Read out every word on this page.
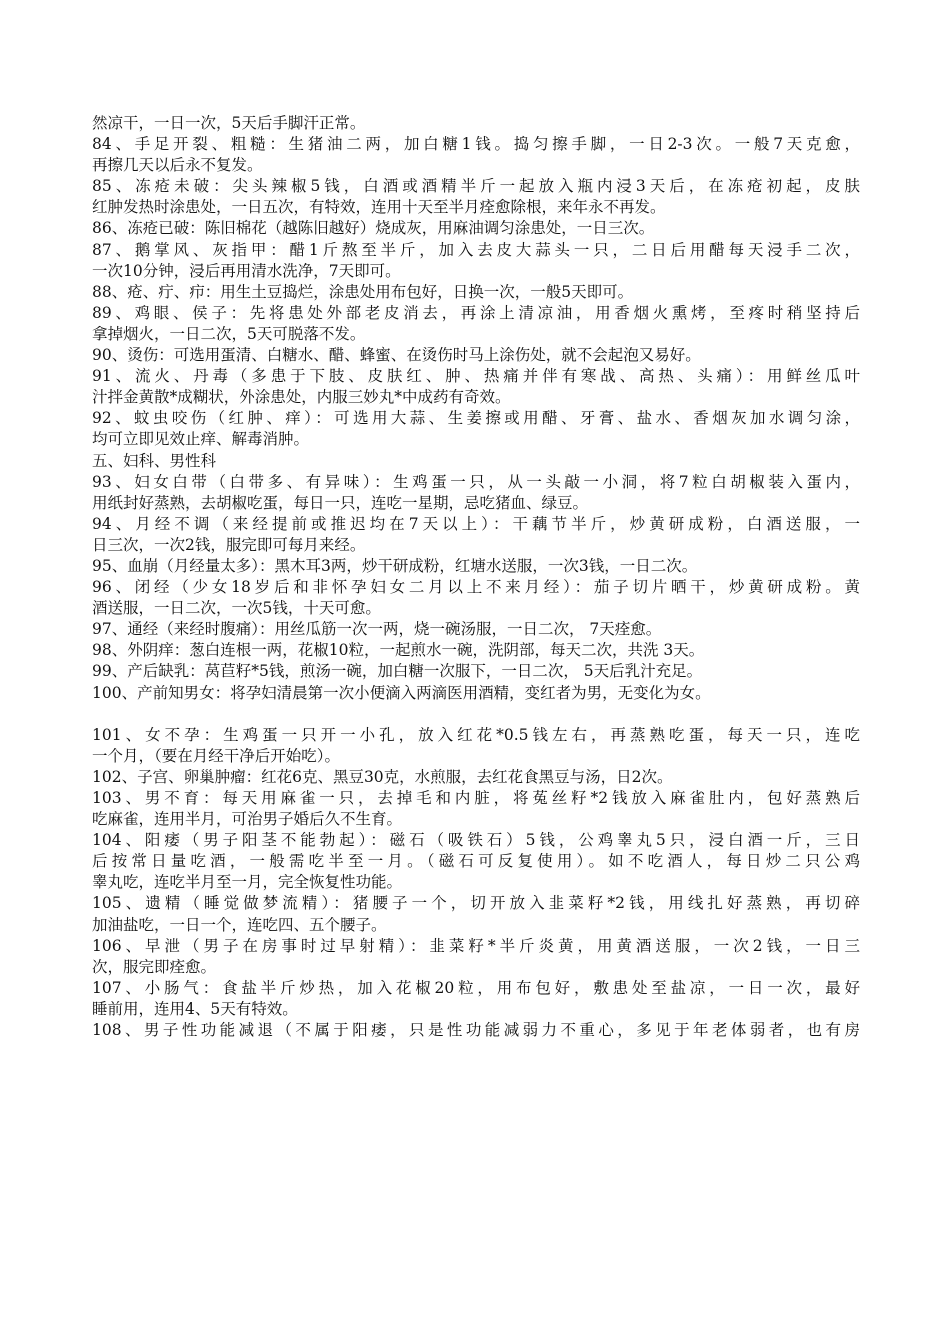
然凉干，一日一次，5天后手脚汗正常。
84、手足开裂、粗糙：生猪油二两，加白糖1钱。捣匀擦手脚，一日2-3次。一般7天克愈，
再擦几天以后永不复发。
85、冻疮未破：尖头辣椒5钱，白酒或酒精半斤一起放入瓶内浸3天后，在冻疮初起，皮肤
红肿发热时涂患处，一日五次，有特效，连用十天至半月痊愈除根，来年永不再发。
86、冻疮已破：陈旧棉花（越陈旧越好）烧成灰，用麻油调匀涂患处，一日三次。
87、鹅掌风、灰指甲：醋1斤熬至半斤，加入去皮大蒜头一只，二日后用醋每天浸手二次，
一次10分钟，浸后再用清水洗净，7天即可。
88、疮、疔、疖：用生土豆捣烂，涂患处用布包好，日换一次，一般5天即可。
89、鸡眼、侯子：先将患处外部老皮消去，再涂上清凉油，用香烟火熏烤，至疼时稍坚持后
拿掉烟火，一日二次，5天可脱落不发。
90、烫伤：可选用蛋清、白糖水、醋、蜂蜜、在烫伤时马上涂伤处，就不会起泡又易好。
91、流火、丹毒（多患于下肢、皮肤红、肿、热痛并伴有寒战、高热、头痛）：用鲜丝瓜叶
汁拌金黄散*成糊状，外涂患处，内服三妙丸*中成药有奇效。
92、蚊虫咬伤（红肿、痒）：可选用大蒜、生姜擦或用醋、牙膏、盐水、香烟灰加水调匀涂，
均可立即见效止痒、解毒消肿。
五、妇科、男性科
93、妇女白带（白带多、有异味）：生鸡蛋一只，从一头敲一小洞，将7粒白胡椒装入蛋内，
用纸封好蒸熟，去胡椒吃蛋，每日一只，连吃一星期，忌吃猪血、绿豆。
94、月经不调（来经提前或推迟均在7天以上）：干藕节半斤，炒黄研成粉，白酒送服，一
日三次，一次2钱，服完即可每月来经。
95、血崩（月经量太多）：黑木耳3两，炒干研成粉，红塘水送服，一次3钱，一日二次。
96、闭经（少女18岁后和非怀孕妇女二月以上不来月经）：茄子切片晒干，炒黄研成粉。黄
酒送服，一日二次，一次5钱，十天可愈。
97、通经（来经时腹痛）：用丝瓜筋一次一两，烧一碗汤服，一日二次， 7天痊愈。
98、外阴痒：葱白连根一两，花椒10粒，一起煎水一碗，洗阴部，每天二次，共洗 3天。
99、产后缺乳：莴苣籽*5钱，煎汤一碗，加白糖一次服下，一日二次， 5天后乳汁充足。
100、产前知男女：将孕妇清晨第一次小便滴入两滴医用酒精，变红者为男，无变化为女。
101、女不孕：生鸡蛋一只开一小孔，放入红花*0.5钱左右，再蒸熟吃蛋，每天一只，连吃
一个月，（要在月经干净后开始吃）。
102、子宫、卵巢肿瘤：红花6克、黑豆30克，水煎服，去红花食黑豆与汤，日2次。
103、男不育：每天用麻雀一只，去掉毛和内脏，将菟丝籽*2钱放入麻雀肚内，包好蒸熟后
吃麻雀，连用半月，可治男子婚后久不生育。
104、阳痿（男子阳茎不能勃起）：磁石（吸铁石）5钱，公鸡睾丸5只，浸白酒一斤，三日
后按常日量吃酒，一般需吃半至一月。（磁石可反复使用）。如不吃酒人，每日炒二只公鸡
睾丸吃，连吃半月至一月，完全恢复性功能。
105、遗精（睡觉做梦流精）：猪腰子一个，切开放入韭菜籽*2钱，用线扎好蒸熟，再切碎
加油盐吃，一日一个，连吃四、五个腰子。
106、早泄（男子在房事时过早射精）：韭菜籽*半斤炎黄，用黄酒送服，一次2钱，一日三
次，服完即痊愈。
107、小肠气：食盐半斤炒热，加入花椒20粒，用布包好，敷患处至盐凉，一日一次，最好
睡前用，连用4、5天有特效。
108、男子性功能减退（不属于阳痿，只是性功能减弱力不重心，多见于年老体弱者，也有房
